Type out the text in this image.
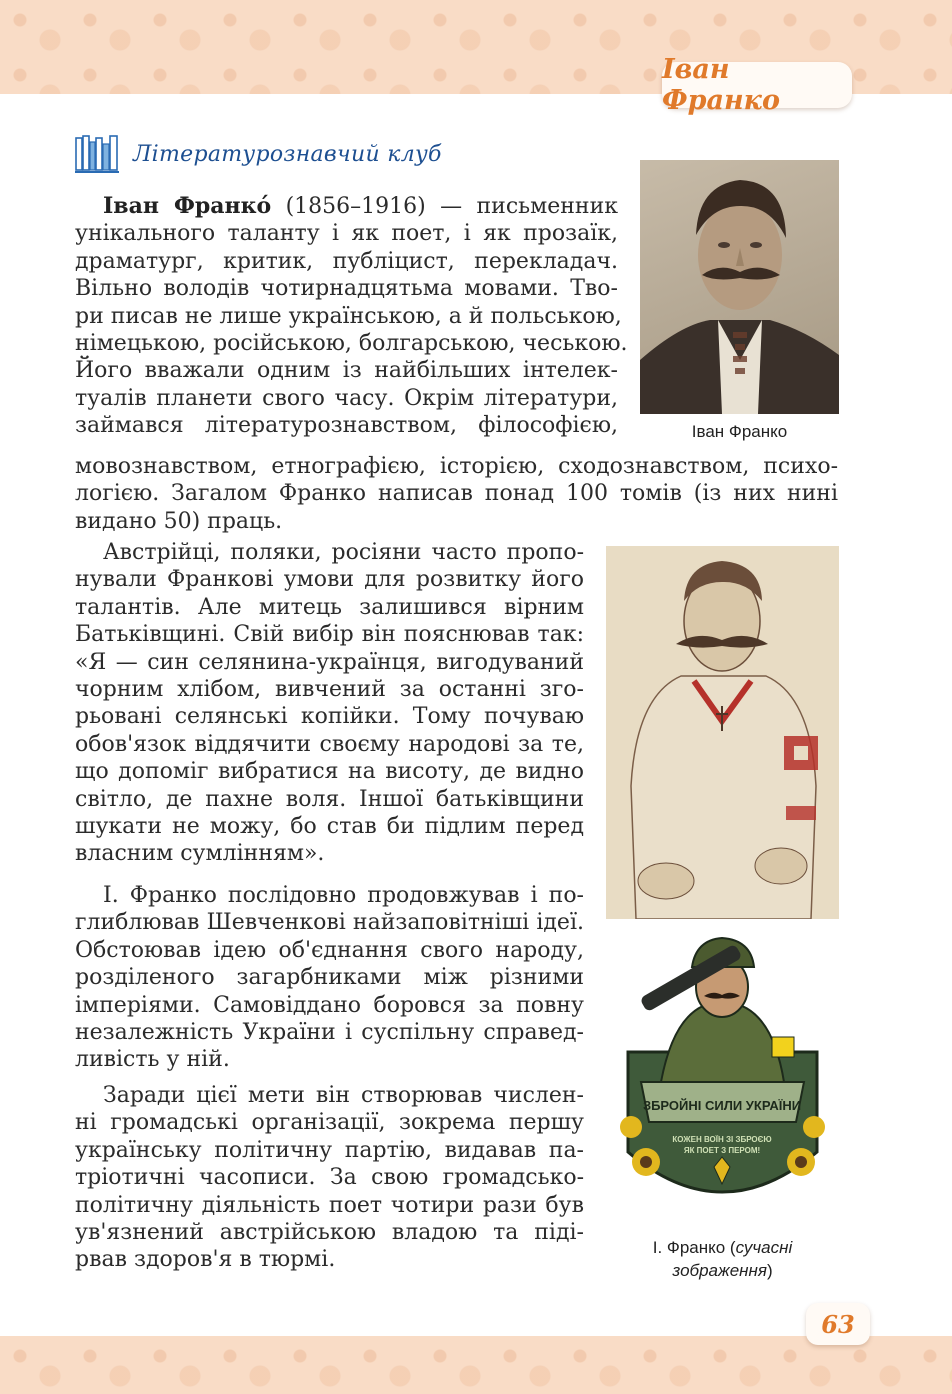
Іван Франко
Літературознавчий клуб
Іван Франко́ (1856–1916) — письменник
унікального таланту і як поет, і як прозаїк,
драматург, критик, публіцист, перекладач.
Вільно володів чотирнадцятьма мовами. Тво-
ри писав не лише українською, а й польською,
німецькою, російською, болгарською, чеською.
Його вважали одним із найбільших інтелек-
туалів планети свого часу. Окрім літератури,
займався літературознавством, філософією,
мовознавством, етнографією, історією, сходознавством, психо-
логією. Загалом Франко написав понад 100 томів (із них нині
видано 50) праць.
Австрійці, поляки, росіяни часто пропо-
нували Франкові умови для розвитку його
талантів. Але митець залишився вірним
Батьківщині. Свій вибір він пояснював так:
«Я — син селянина-українця, вигодуваний
чорним хлібом, вивчений за останні зго-
рьовані селянські копійки. Тому почуваю
обов'язок віддячити своєму народові за те,
що допоміг вибратися на висоту, де видно
світло, де пахне воля. Іншої батьківщини
шукати не можу, бо став би підлим перед
власним сумлінням».
І. Франко послідовно продовжував і по-
глиблював Шевченкові найзаповітніші ідеї.
Обстоював ідею об'єднання свого народу,
розділеного загарбниками між різними
імперіями. Самовіддано боровся за повну
незалежність України і суспільну справед-
ливість у ній.
Заради цієї мети він створював числен-
ні громадські організації, зокрема першу
українську політичну партію, видавав па-
тріотичні часописи. За свою громадсько-
політичну діяльність поет чотири рази був
ув'язнений австрійською владою та піді-
рвав здоров'я в тюрмі.
Іван Франко
ЗБРОЙНІ СИЛИ УКРАЇНИ
КОЖЕН ВОЇН ЗІ ЗБРОЄЮ
ЯК ПОЕТ З ПЕРОМ!
І. Франко (сучасні
зображення)
63
